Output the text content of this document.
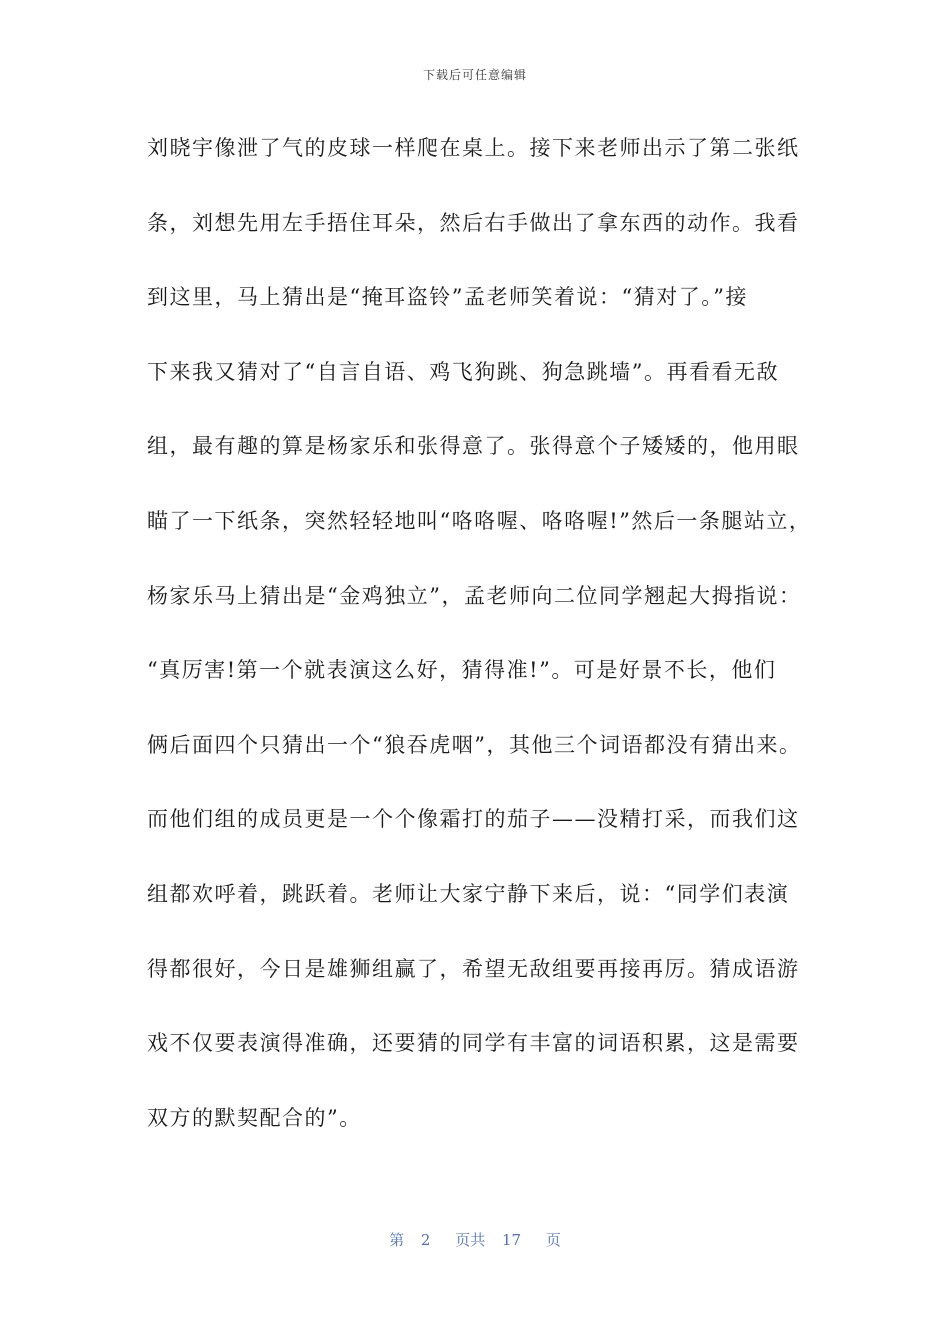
下载后可任意编辑
刘晓宇像泄了气的皮球一样爬在桌上。接下来老师出示了第二张纸
条，刘想先用左手捂住耳朵，然后右手做出了拿东西的动作。我看
到这里，马上猜出是“掩耳盗铃”孟老师笑着说：“猜对了。”接
下来我又猜对了“自言自语、鸡飞狗跳、狗急跳墙”。再看看无敌
组，最有趣的算是杨家乐和张得意了。张得意个子矮矮的，他用眼
瞄了一下纸条，突然轻轻地叫“咯咯喔、咯咯喔!”然后一条腿站立，
杨家乐马上猜出是“金鸡独立”，孟老师向二位同学翘起大拇指说：
“真厉害!第一个就表演这么好，猜得准!”。可是好景不长，他们
俩后面四个只猜出一个“狼吞虎咽”，其他三个词语都没有猜出来。
而他们组的成员更是一个个像霜打的茄子——没精打采，而我们这
组都欢呼着，跳跃着。老师让大家宁静下来后，说：“同学们表演
得都很好，今日是雄狮组赢了，希望无敌组要再接再厉。猜成语游
戏不仅要表演得准确，还要猜的同学有丰富的词语积累，这是需要
双方的默契配合的”。
第 2 页共 17 页
